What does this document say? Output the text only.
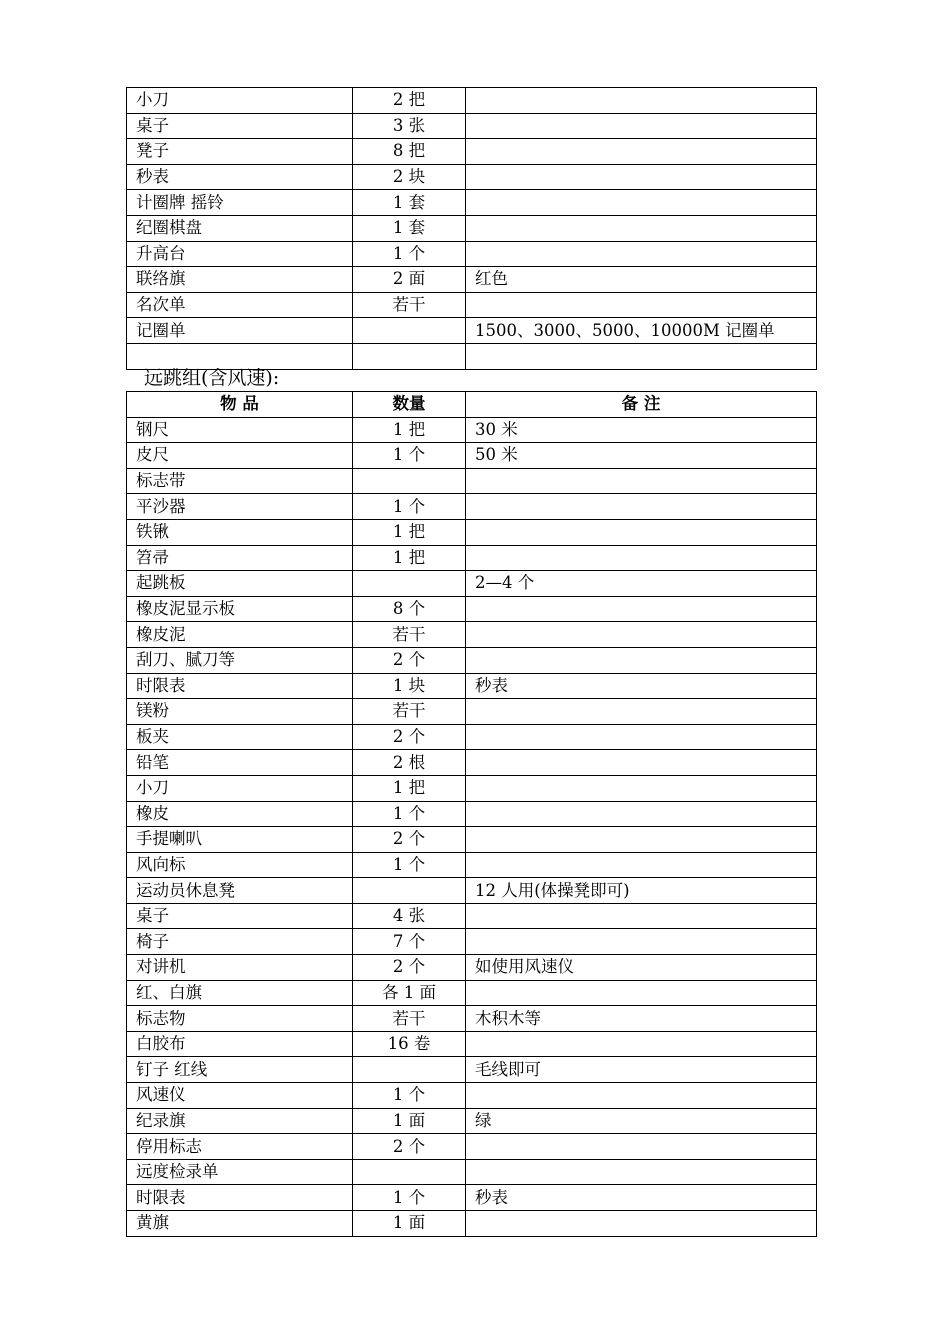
小刀	2 把	
桌子	3 张	
凳子	8 把	
秒表	2 块	
计圈牌 摇铃	1 套	
纪圈棋盘	1 套	
升高台	1 个	
联络旗	2 面	红色
名次单	若干	
记圈单		1500、3000、5000、10000M 记圈单

远跳组(含风速):
物 品	数量	备 注
钢尺	1 把	30 米
皮尺	1 个	50 米
标志带		
平沙器	1 个	
铁锹	1 把	
笤帚	1 把	
起跳板		2—4 个
橡皮泥显示板	8 个	
橡皮泥	若干	
刮刀、腻刀等	2 个	
时限表	1 块	秒表
镁粉	若干	
板夹	2 个	
铅笔	2 根	
小刀	1 把	
橡皮	1 个	
手提喇叭	2 个	
风向标	1 个	
运动员休息凳		12 人用(体操凳即可)
桌子	4 张	
椅子	7 个	
对讲机	2 个	如使用风速仪
红、白旗	各 1 面	
标志物	若干	木积木等
白胶布	16 卷	
钉子 红线		毛线即可
风速仪	1 个	
纪录旗	1 面	绿
停用标志	2 个	
远度检录单		
时限表	1 个	秒表
黄旗	1 面	
